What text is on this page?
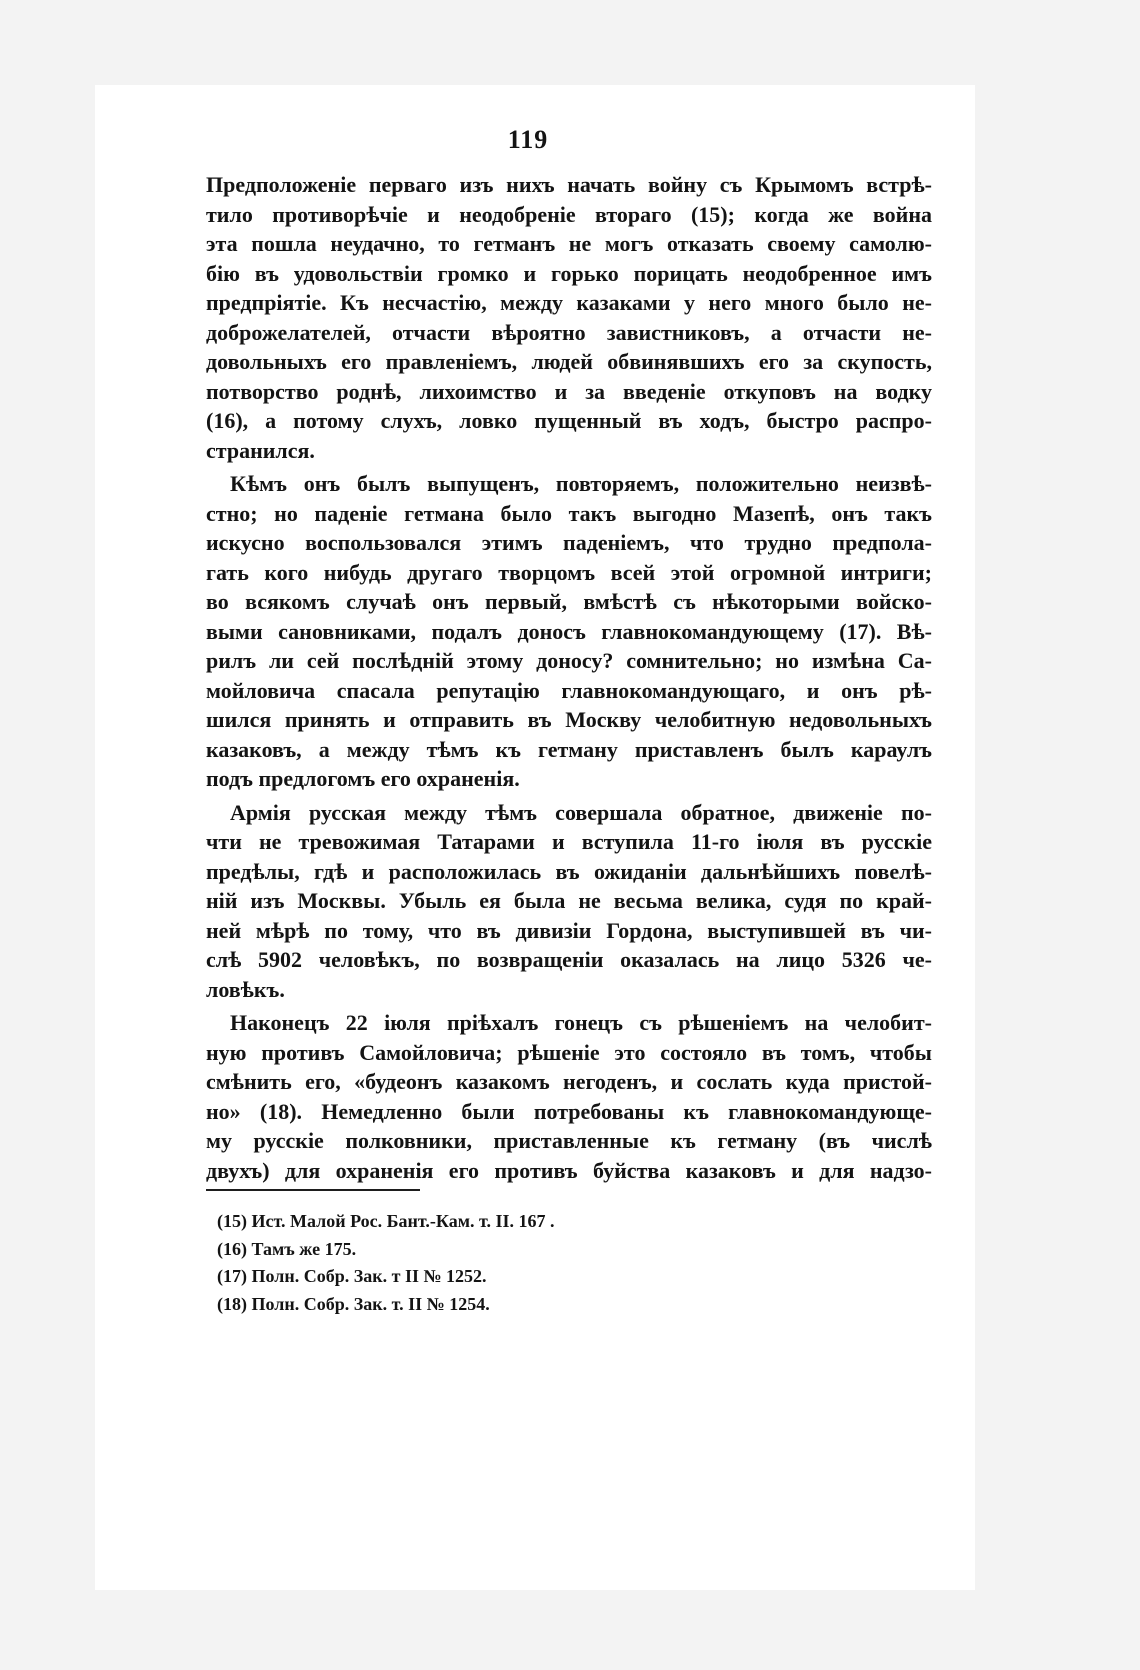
119
Предположеніе перваго изъ нихъ начать войну съ Крымомъ встрѣ-
тило противорѣчіе и неодобреніе втораго (15); когда же война
эта пошла неудачно, то гетманъ не могъ отказать своему самолю-
бію въ удовольствіи громко и горько порицать неодобренное имъ
предпріятіе. Къ несчастію, между казаками у него много было не-
доброжелателей, отчасти вѣроятно завистниковъ, а отчасти не-
довольныхъ его правленіемъ, людей обвинявшихъ его за скупость,
потворство роднѣ, лихоимство и за введеніе откуповъ на водку
(16), а потому слухъ, ловко пущенный въ ходъ, быстро распро-
странился.
Кѣмъ онъ былъ выпущенъ, повторяемъ, положительно неизвѣ-
стно; но паденіе гетмана было такъ выгодно Мазепѣ, онъ такъ
искусно воспользовался этимъ паденіемъ, что трудно предпола-
гать кого нибудь другаго творцомъ всей этой огромной интриги;
во всякомъ случаѣ онъ первый, вмѣстѣ съ нѣкоторыми войско-
выми сановниками, подалъ доносъ главнокомандующему (17). Вѣ-
рилъ ли сей послѣдній этому доносу? сомнительно; но измѣна Са-
мойловича спасала репутацію главнокомандующаго, и онъ рѣ-
шился принять и отправить въ Москву челобитную недовольныхъ
казаковъ, а между тѣмъ къ гетману приставленъ былъ караулъ
подъ предлогомъ его охраненія.
Армія русская между тѣмъ совершала обратное, движеніе по-
чти не тревожимая Татарами и вступила 11-го іюля въ русскіе
предѣлы, гдѣ и расположилась въ ожиданіи дальнѣйшихъ повелѣ-
ній изъ Москвы. Убыль ея была не весьма велика, судя по край-
ней мѣрѣ по тому, что въ дивизіи Гордона, выступившей въ чи-
слѣ 5902 человѣкъ, по возвращеніи оказалась на лицо 5326 че-
ловѣкъ.
Наконецъ 22 іюля пріѣхалъ гонецъ съ рѣшеніемъ на челобит-
ную противъ Самойловича; рѣшеніе это состояло въ томъ, чтобы
смѣнить его, «будеонъ казакомъ негоденъ, и сослать куда пристой-
но» (18). Немедленно были потребованы къ главнокомандующе-
му русскіе полковники, приставленные къ гетману (въ числѣ
двухъ) для охраненія его противъ буйства казаковъ и для надзо-
(15) Ист. Малой Рос. Бант.-Кам. т. II. 167 .
(16) Тамъ же 175.
(17) Полн. Собр. Зак. т II № 1252.
(18) Полн. Собр. Зак. т. II № 1254.
